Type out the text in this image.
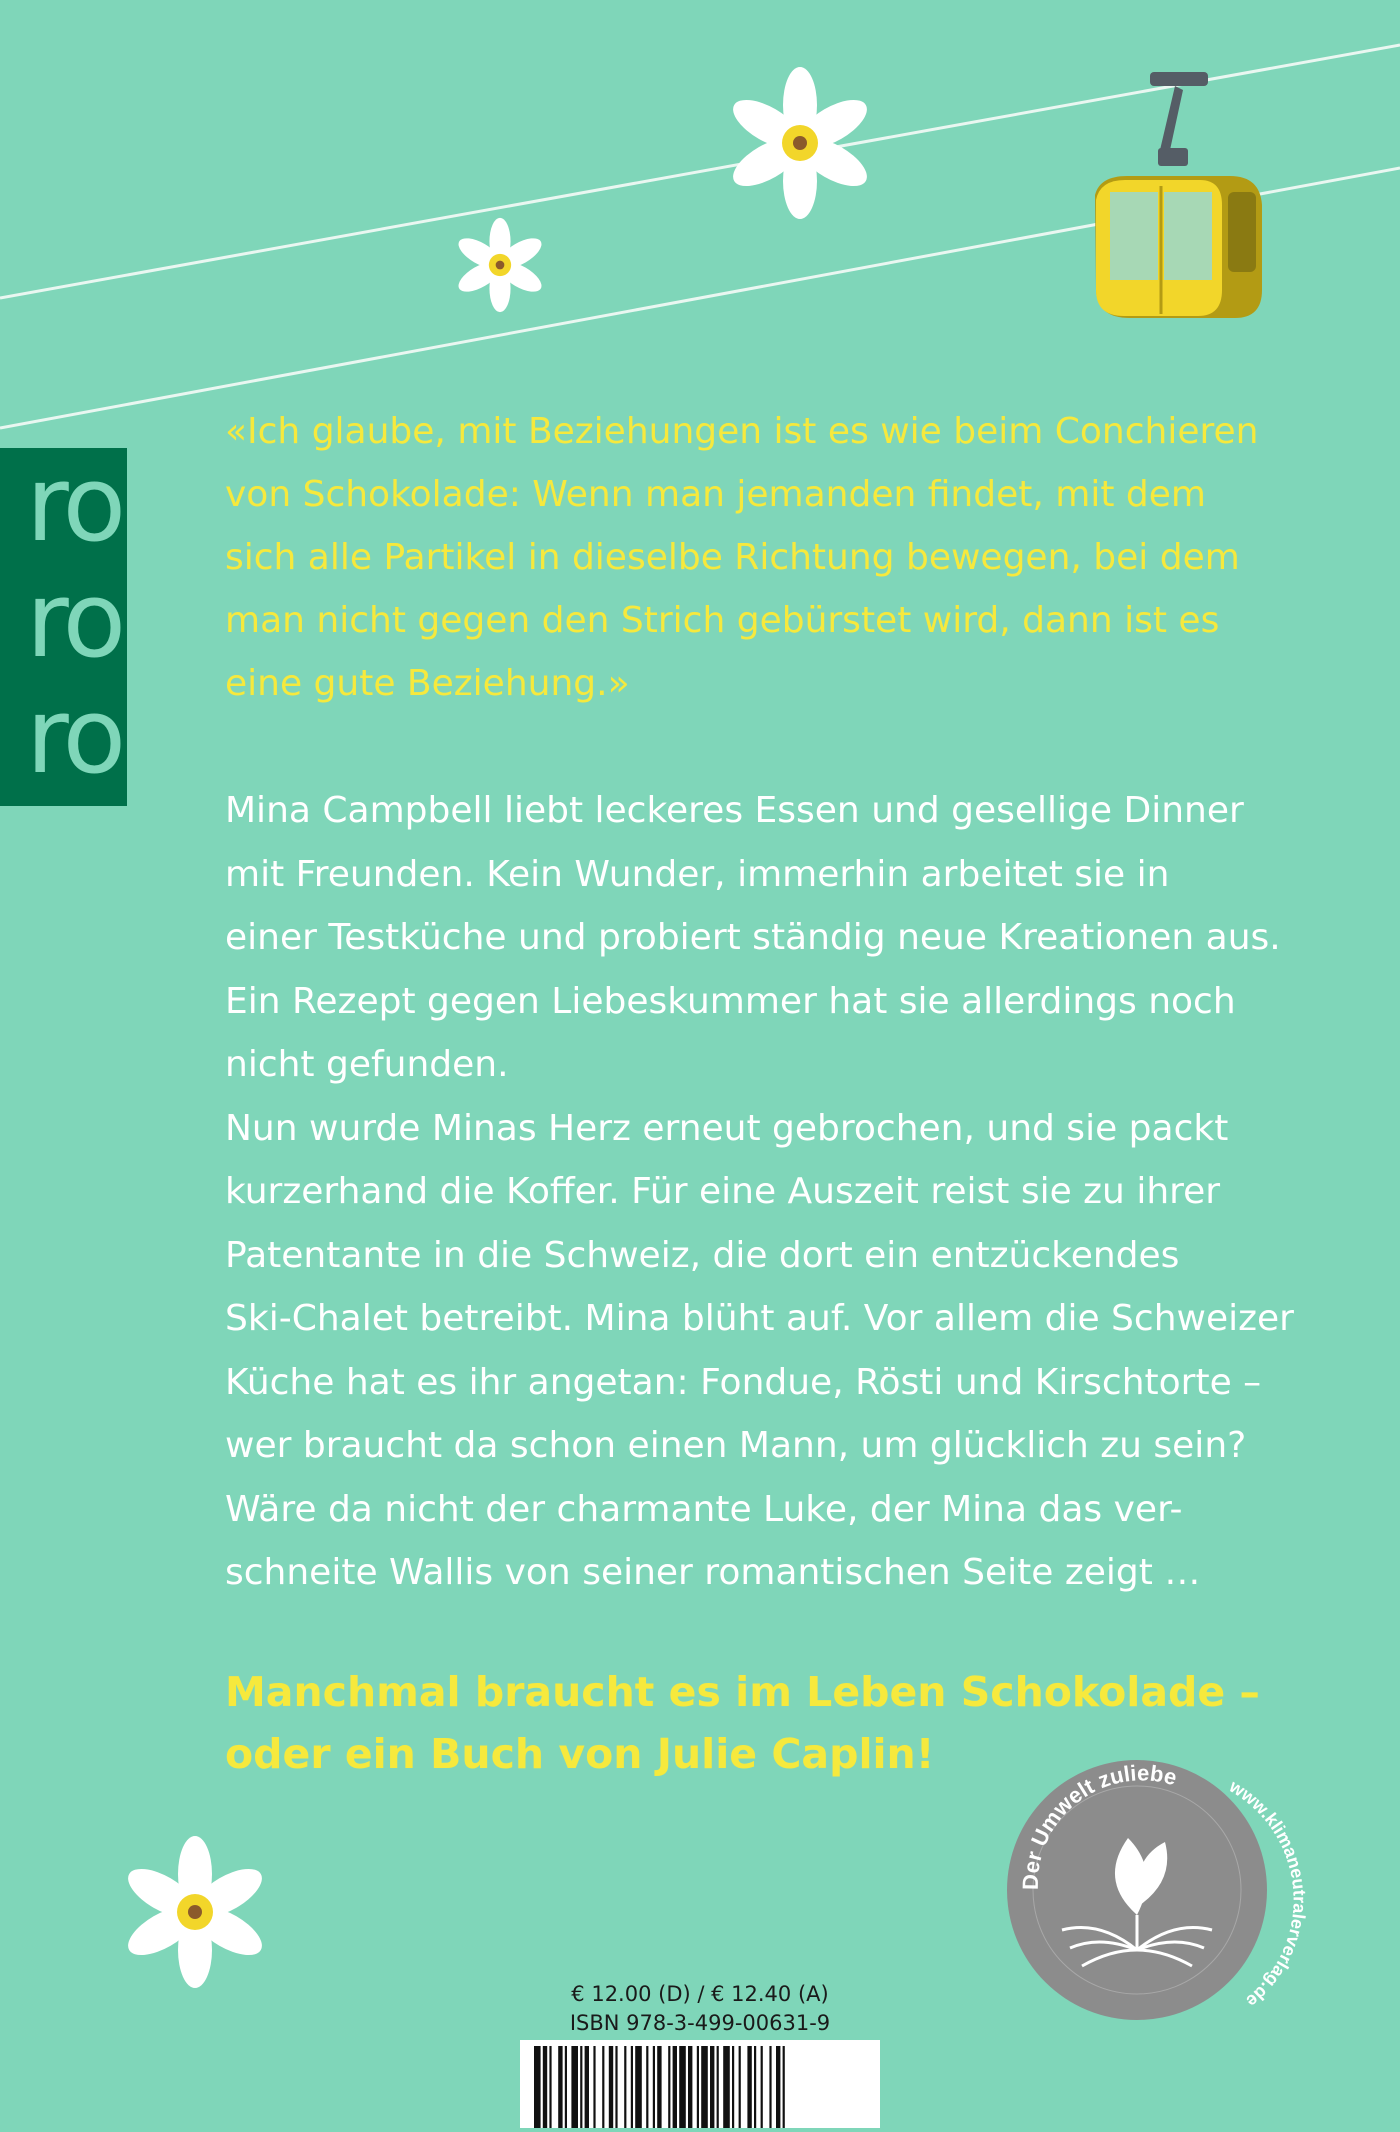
Der Umwelt zuliebe	www.klimaneutralerverlag.de
ro
ro
ro
«Ich glaube, mit Beziehungen ist es wie beim Conchieren
von Schokolade: Wenn man jemanden findet, mit dem
sich alle Partikel in dieselbe Richtung bewegen, bei dem
man nicht gegen den Strich gebürstet wird, dann ist es
eine gute Beziehung.»
Mina Campbell liebt leckeres Essen und gesellige Dinner
mit Freunden. Kein Wunder, immerhin arbeitet sie in
einer Testküche und probiert ständig neue Kreationen aus.
Ein Rezept gegen Liebeskummer hat sie allerdings noch
nicht gefunden.
Nun wurde Minas Herz erneut gebrochen, und sie packt
kurzerhand die Koffer. Für eine Auszeit reist sie zu ihrer
Patentante in die Schweiz, die dort ein entzückendes
Ski-Chalet betreibt. Mina blüht auf. Vor allem die Schweizer
Küche hat es ihr angetan: Fondue, Rösti und Kirschtorte –
wer braucht da schon einen Mann, um glücklich zu sein?
Wäre da nicht der charmante Luke, der Mina das ver-
schneite Wallis von seiner romantischen Seite zeigt …
Manchmal braucht es im Leben Schokolade –
oder ein Buch von Julie Caplin!
€ 12.00 (D) / € 12.40 (A)
ISBN 978-3-499-00631-9
